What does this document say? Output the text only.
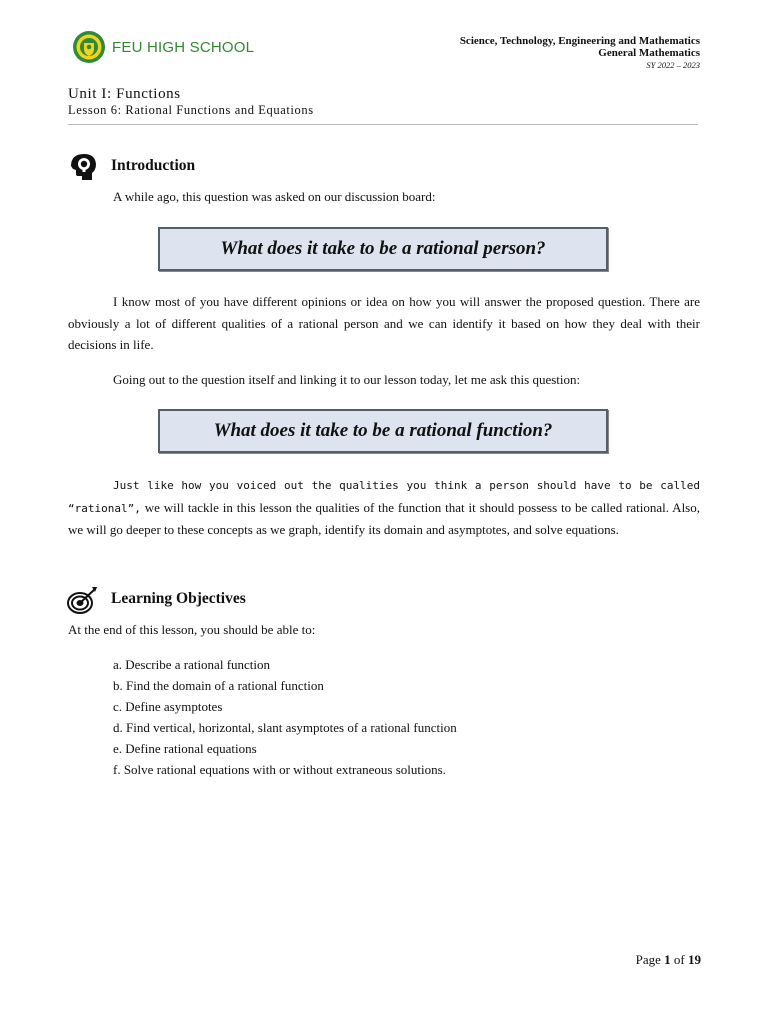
FEU HIGH SCHOOL	Science, Technology, Engineering and Mathematics
General Mathematics
SY 2022 – 2023
Unit I: Functions
Lesson 6: Rational Functions and Equations
Introduction
A while ago, this question was asked on our discussion board:
What does it take to be a rational person?
I know most of you have different opinions or idea on how you will answer the proposed question. There are obviously a lot of different qualities of a rational person and we can identify it based on how they deal with their decisions in life.
Going out to the question itself and linking it to our lesson today, let me ask this question:
What does it take to be a rational function?
Just like how you voiced out the qualities you think a person should have to be called “rational”, we will tackle in this lesson the qualities of the function that it should possess to be called rational. Also, we will go deeper to these concepts as we graph, identify its domain and asymptotes, and solve equations.
Learning Objectives
At the end of this lesson, you should be able to:
a. Describe a rational function
b. Find the domain of a rational function
c. Define asymptotes
d. Find vertical, horizontal, slant asymptotes of a rational function
e. Define rational equations
f. Solve rational equations with or without extraneous solutions.
Page 1 of 19
